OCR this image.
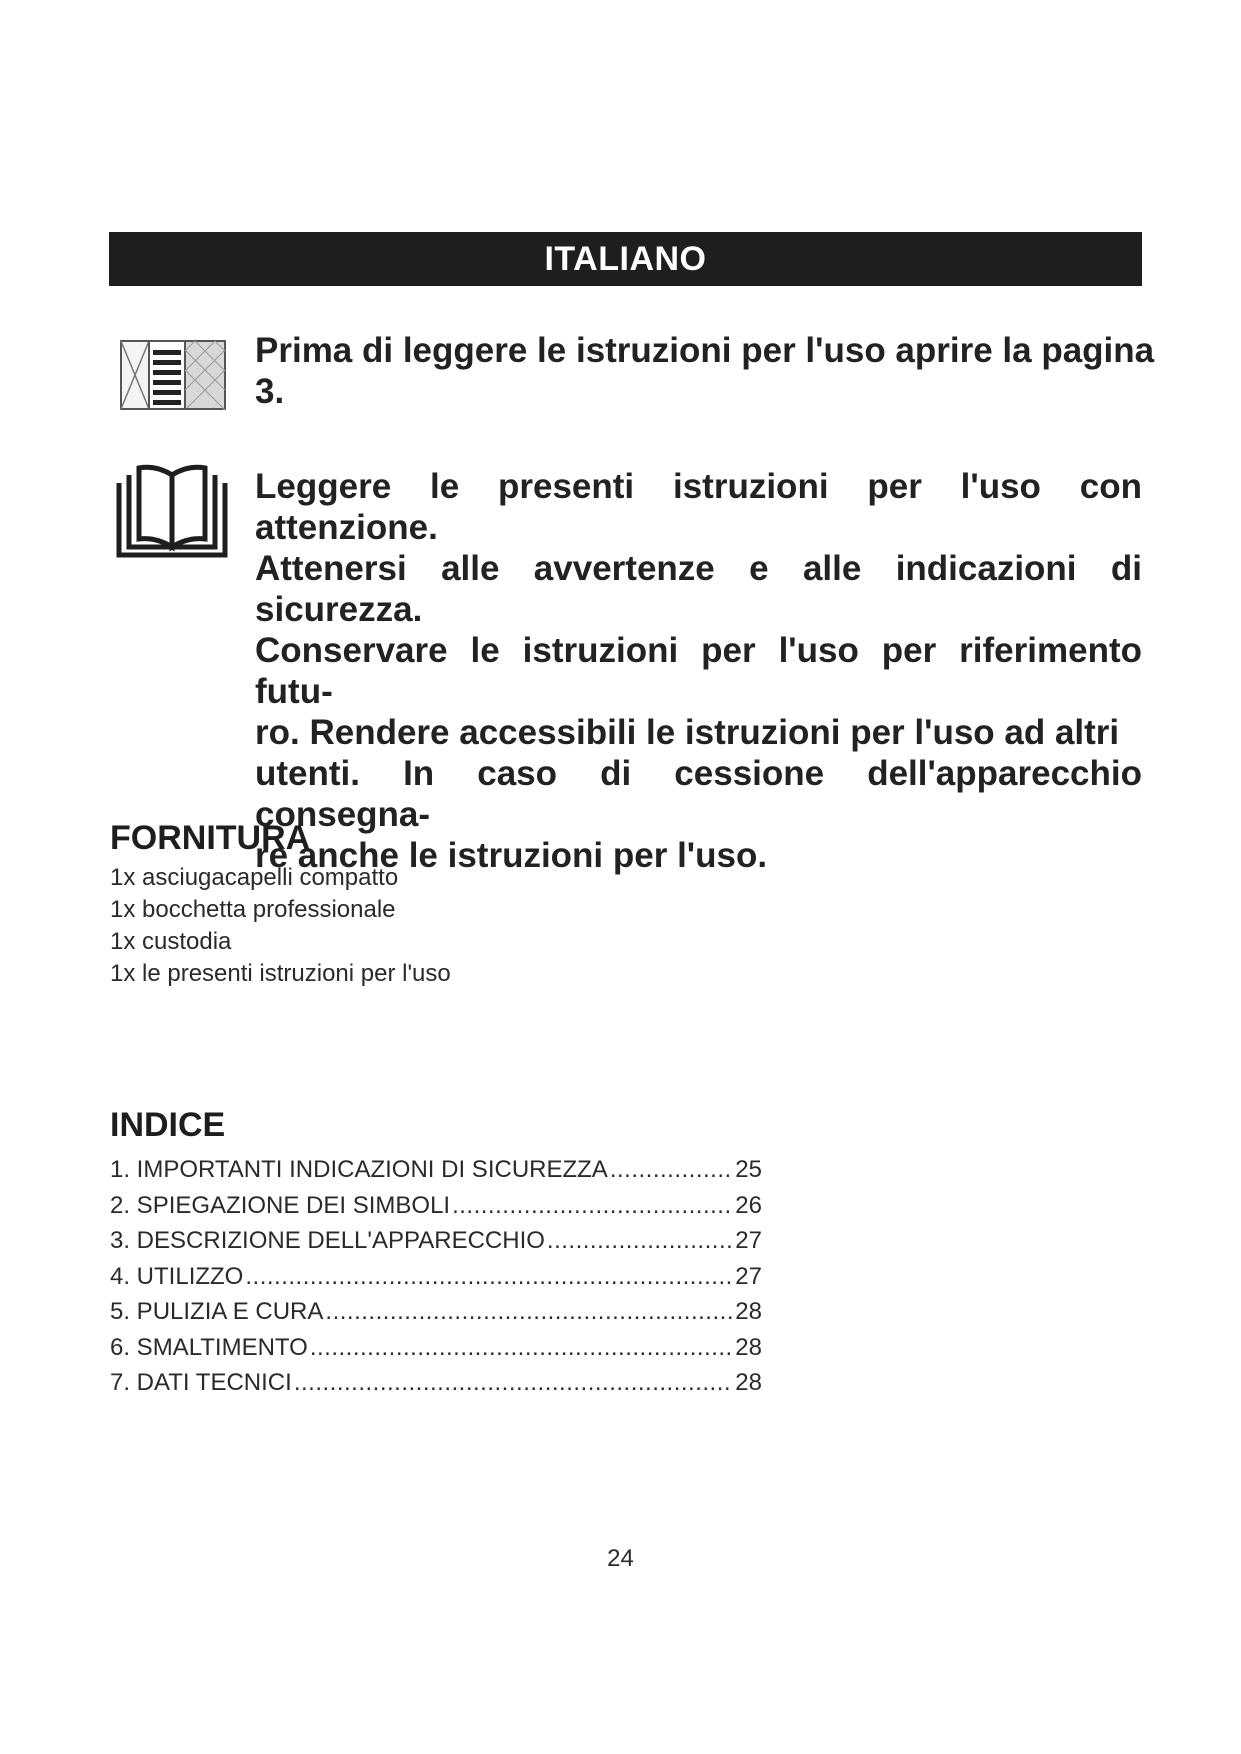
ITALIANO
Prima di leggere le istruzioni per l'uso aprire la pagina 3.
Leggere le presenti istruzioni per l'uso con attenzione.
Attenersi alle avvertenze e alle indicazioni di sicurezza.
Conservare le istruzioni per l'uso per riferimento futu-
ro. Rendere accessibili le istruzioni per l'uso ad altri
utenti. In caso di cessione dell'apparecchio consegna-
re anche le istruzioni per l'uso.
FORNITURA
1x asciugacapelli compatto
1x bocchetta professionale
1x custodia
1x le presenti istruzioni per l'uso
INDICE
1. IMPORTANTI INDICAZIONI DI SICUREZZA .....	25
2. SPIEGAZIONE DEI SIMBOLI .....	26
3. DESCRIZIONE DELL'APPARECCHIO .....	27
4. UTILIZZO .....	27
5. PULIZIA E CURA .....	28
6. SMALTIMENTO .....	28
7. DATI TECNICI .....	28
24
